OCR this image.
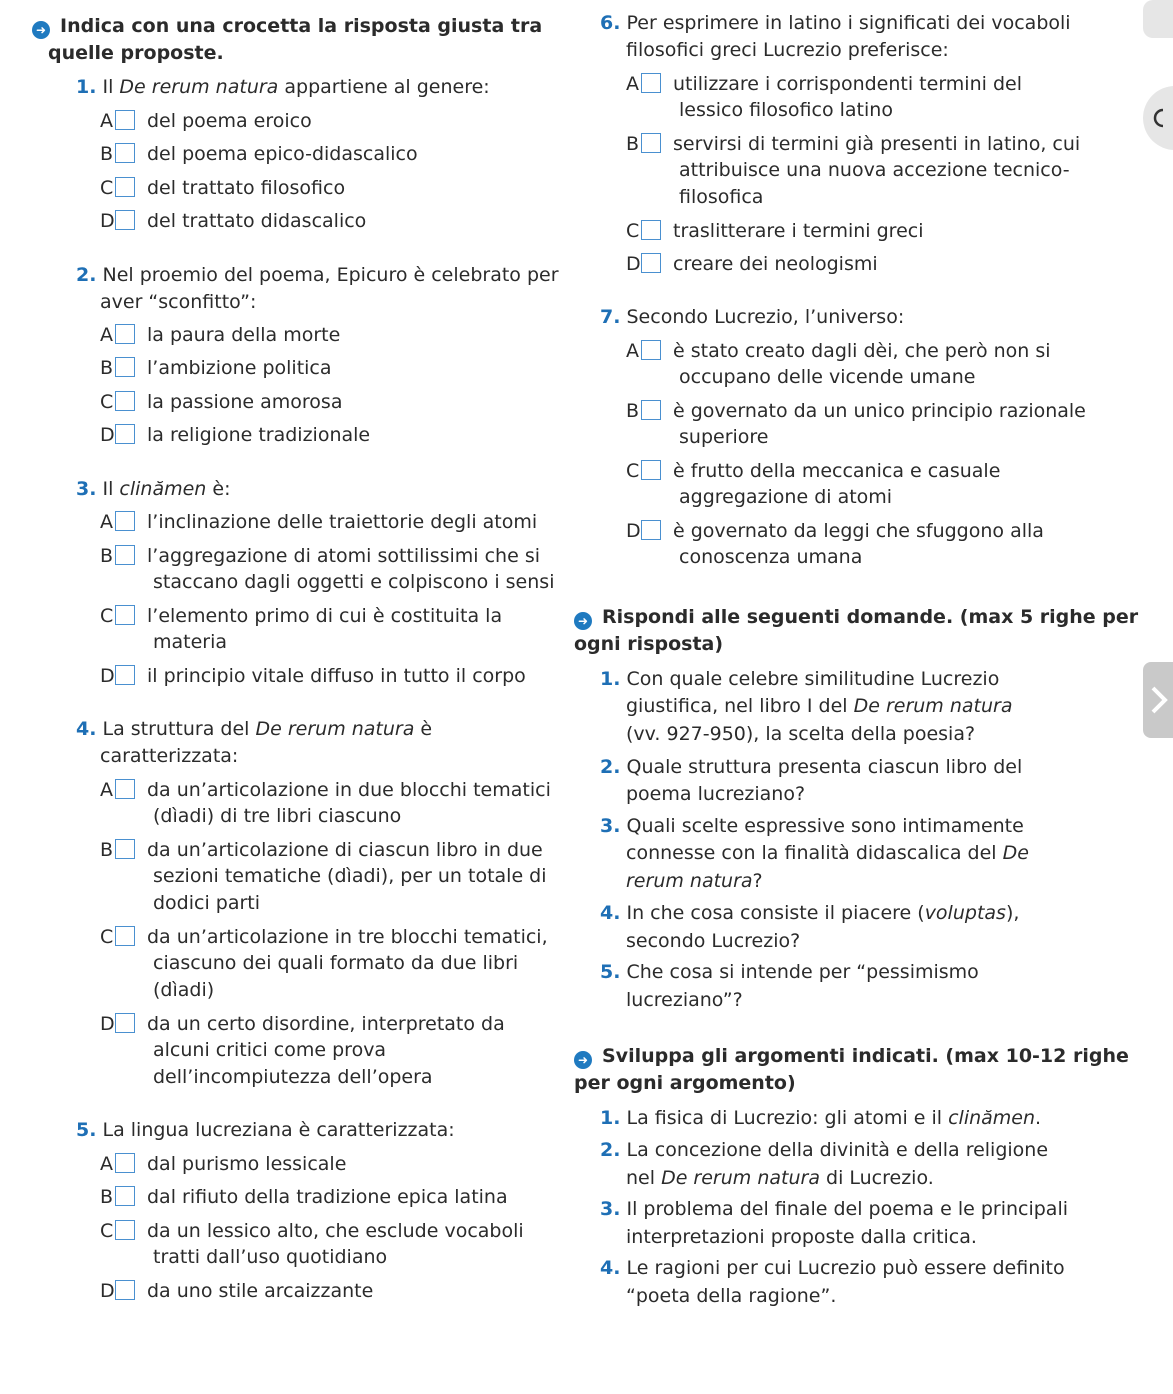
➜ Indica con una crocetta la risposta giusta tra
quelle proposte.
1. Il De rerum natura appartiene al genere:
A del poema eroico
B del poema epico-didascalico
C del trattato filosofico
D del trattato didascalico
2. Nel proemio del poema, Epicuro è celebrato per
aver “sconfitto”:
A la paura della morte
B l’ambizione politica
C la passione amorosa
D la religione tradizionale
3. Il clinămen è:
A l’inclinazione delle traiettorie degli atomi
B l’aggregazione di atomi sottilissimi che si
staccano dagli oggetti e colpiscono i sensi
C l’elemento primo di cui è costituita la
materia
D il principio vitale diffuso in tutto il corpo
4. La struttura del De rerum natura è
caratterizzata:
A da un’articolazione in due blocchi tematici
(dìadi) di tre libri ciascuno
B da un’articolazione di ciascun libro in due
sezioni tematiche (dìadi), per un totale di
dodici parti
C da un’articolazione in tre blocchi tematici,
ciascuno dei quali formato da due libri
(dìadi)
D da un certo disordine, interpretato da
alcuni critici come prova
dell’incompiutezza dell’opera
5. La lingua lucreziana è caratterizzata:
A dal purismo lessicale
B dal rifiuto della tradizione epica latina
C da un lessico alto, che esclude vocaboli
tratti dall’uso quotidiano
D da uno stile arcaizzante
6. Per esprimere in latino i significati dei vocaboli
filosofici greci Lucrezio preferisce:
A utilizzare i corrispondenti termini del
lessico filosofico latino
B servirsi di termini già presenti in latino, cui
attribuisce una nuova accezione tecnico-
filosofica
C traslitterare i termini greci
D creare dei neologismi
7. Secondo Lucrezio, l’universo:
A è stato creato dagli dèi, che però non si
occupano delle vicende umane
B è governato da un unico principio razionale
superiore
C è frutto della meccanica e casuale
aggregazione di atomi
D è governato da leggi che sfuggono alla
conoscenza umana
➜ Rispondi alle seguenti domande. (max 5 righe per
ogni risposta)
1. Con quale celebre similitudine Lucrezio
giustifica, nel libro I del De rerum natura
(vv. 927-950), la scelta della poesia?
2. Quale struttura presenta ciascun libro del
poema lucreziano?
3. Quali scelte espressive sono intimamente
connesse con la finalità didascalica del De
rerum natura?
4. In che cosa consiste il piacere (voluptas),
secondo Lucrezio?
5. Che cosa si intende per “pessimismo
lucreziano”?
➜ Sviluppa gli argomenti indicati. (max 10-12 righe
per ogni argomento)
1. La fisica di Lucrezio: gli atomi e il clinămen.
2. La concezione della divinità e della religione
nel De rerum natura di Lucrezio.
3. Il problema del finale del poema e le principali
interpretazioni proposte dalla critica.
4. Le ragioni per cui Lucrezio può essere definito
“poeta della ragione”.
